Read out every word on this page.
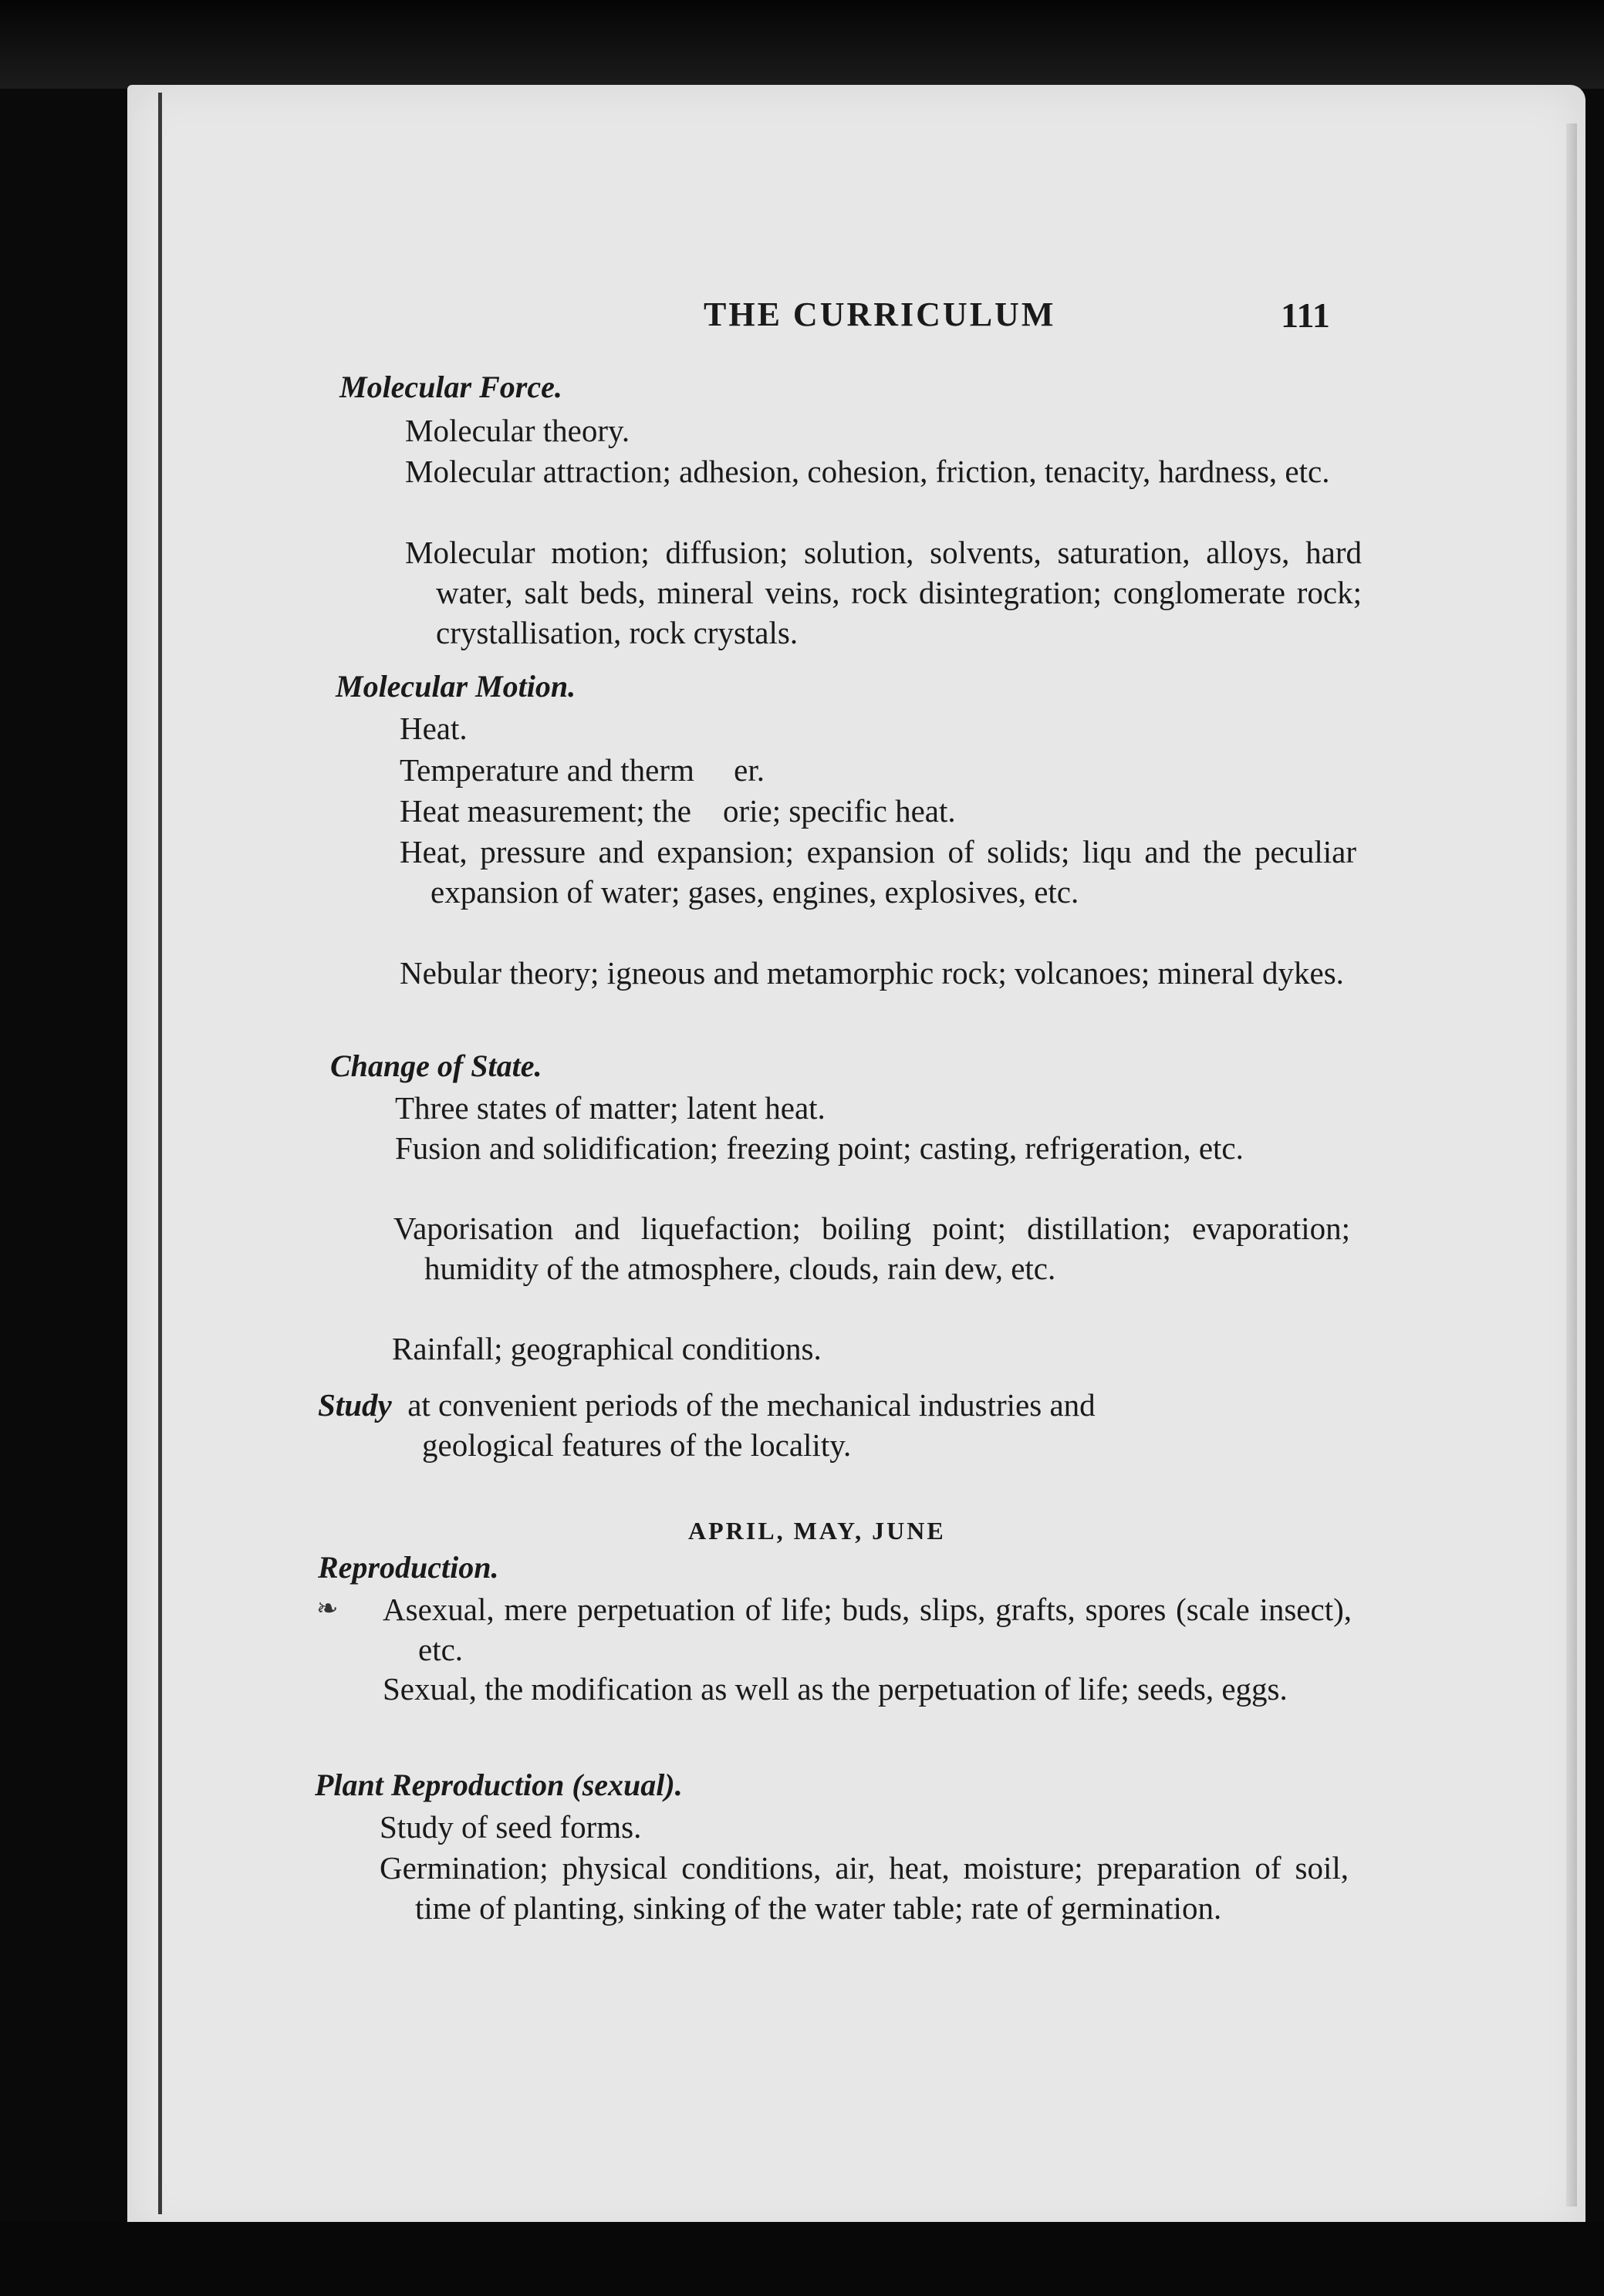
THE CURRICULUM	111
Molecular Force.
Molecular theory.
Molecular attraction; adhesion, cohesion, friction, tenacity, hardness, etc.
Molecular motion; diffusion; solution, solvents, saturation, alloys, hard water, salt beds, mineral veins, rock disintegration; conglomerate rock; crystallisation, rock crystals.
Molecular Motion.
Heat.
Temperature and therm     er.
Heat measurement; the    orie; specific heat.
Heat, pressure and expansion; expansion of solids; liqu and the peculiar expansion of water; gases, engines, explosives, etc.
Nebular theory; igneous and metamorphic rock; volcanoes; mineral dykes.
Change of State.
Three states of matter; latent heat.
Fusion and solidification; freezing point; casting, refrigeration, etc.
Vaporisation and liquefaction; boiling point; distillation; evaporation; humidity of the atmosphere, clouds, rain dew, etc.
Rainfall; geographical conditions.
Study at convenient periods of the mechanical industries and
geological features of the locality.
APRIL, MAY, JUNE
Reproduction.
❧ Asexual, mere perpetuation of life; buds, slips, grafts, spores (scale insect), etc.
Sexual, the modification as well as the perpetuation of life; seeds, eggs.
Plant Reproduction (sexual).
Study of seed forms.
Germination; physical conditions, air, heat, moisture; preparation of soil, time of planting, sinking of the water table; rate of germination.
